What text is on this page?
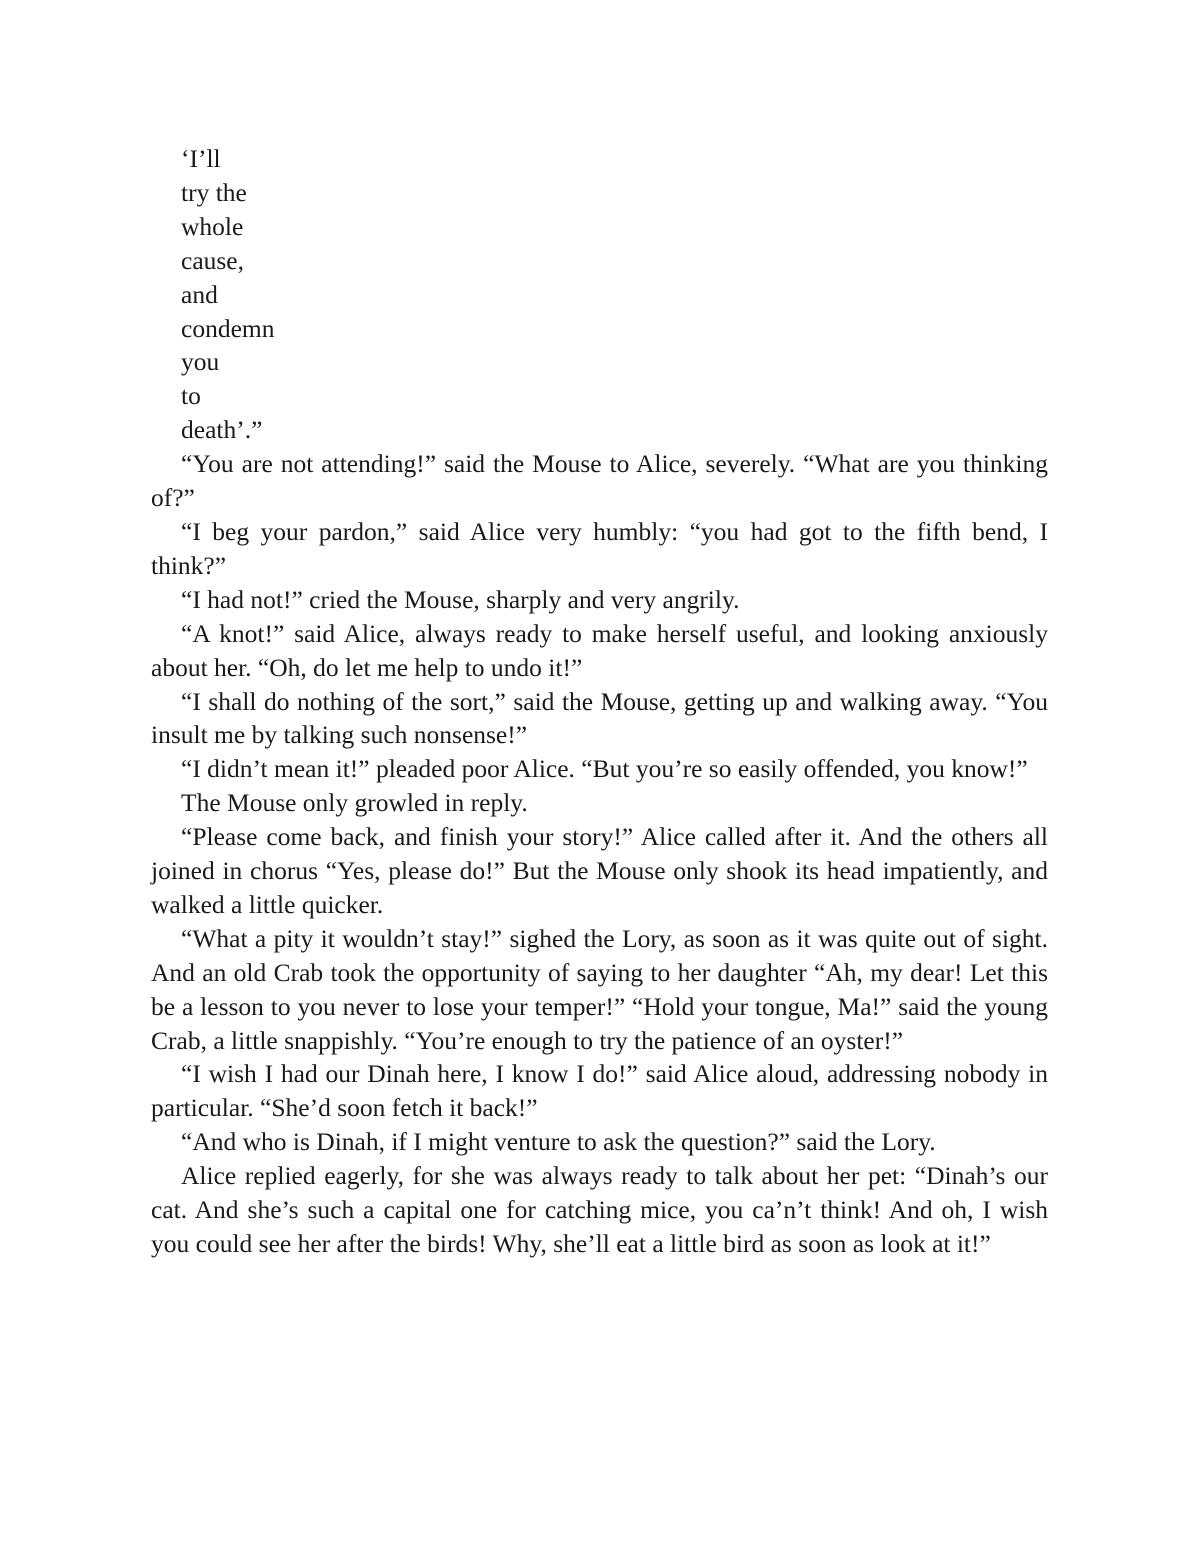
‘I’ll

try the

whole

cause,

and

condemn

you

to

death’.”

“You are not attending!” said the Mouse to Alice, severely. “What are you thinking of?”

“I beg your pardon,” said Alice very humbly: “you had got to the fifth bend, I think?”

“I had not!” cried the Mouse, sharply and very angrily.

“A knot!” said Alice, always ready to make herself useful, and looking anxiously about her. “Oh, do let me help to undo it!”

“I shall do nothing of the sort,” said the Mouse, getting up and walking away. “You insult me by talking such nonsense!”

“I didn’t mean it!” pleaded poor Alice. “But you’re so easily offended, you know!”

The Mouse only growled in reply.

“Please come back, and finish your story!” Alice called after it. And the others all joined in chorus “Yes, please do!” But the Mouse only shook its head impatiently, and walked a little quicker.

“What a pity it wouldn’t stay!” sighed the Lory, as soon as it was quite out of sight. And an old Crab took the opportunity of saying to her daughter “Ah, my dear! Let this be a lesson to you never to lose your temper!” “Hold your tongue, Ma!” said the young Crab, a little snappishly. “You’re enough to try the patience of an oyster!”

“I wish I had our Dinah here, I know I do!” said Alice aloud, addressing nobody in particular. “She’d soon fetch it back!”

“And who is Dinah, if I might venture to ask the question?” said the Lory.

Alice replied eagerly, for she was always ready to talk about her pet: “Dinah’s our cat. And she’s such a capital one for catching mice, you ca’n’t think! And oh, I wish you could see her after the birds! Why, she’ll eat a little bird as soon as look at it!”
